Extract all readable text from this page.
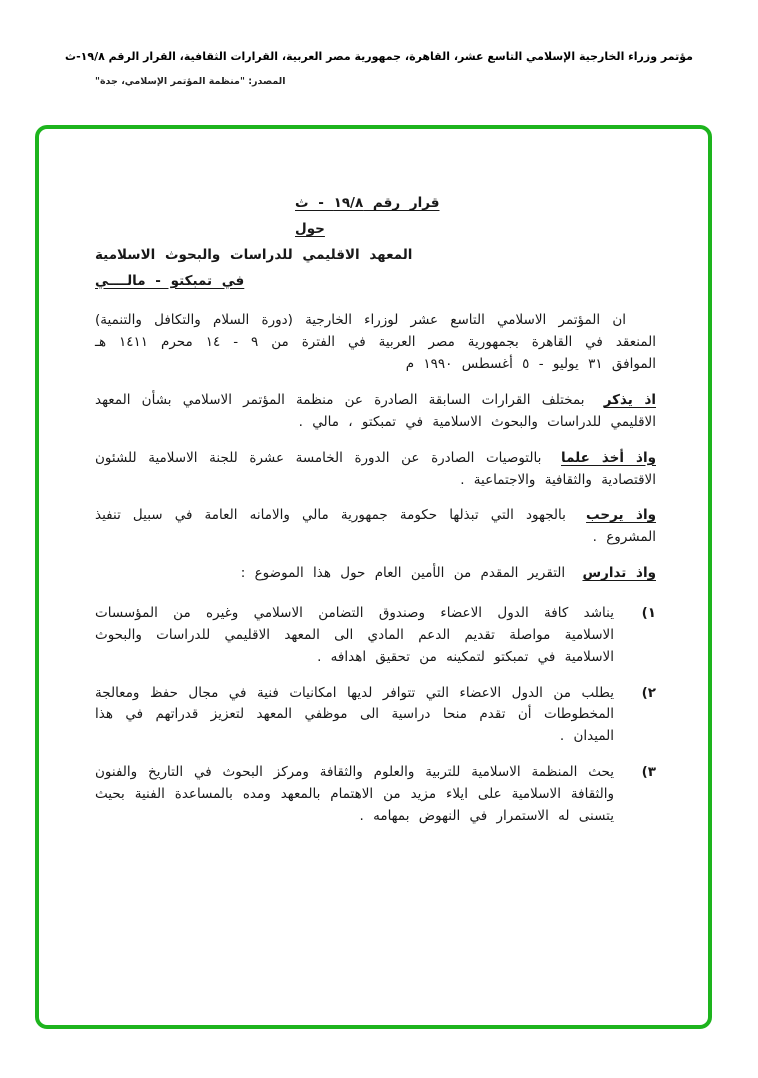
مؤتمر وزراء الخارجية الإسلامي التاسع عشر، القاهرة، جمهورية مصر العربية، القرارات الثقافية، القرار الرقم ١٩/٨-ث
المصدر: "منظمة المؤتمر الإسلامي، جدة"
قرار رقم ١٩/٨ - ث
حول
المعهد الاقليمي للدراسات والبحوث الاسلامية
في تمبكتو - مالــــي

ان المؤتمر الاسلامي التاسع عشر لوزراء الخارجية (دورة السلام والتكافل والتنمية) المنعقد في القاهرة بجمهورية مصر العربية في الفترة من ٩ - ١٤ محرم ١٤١١ هـ الموافق ٣١ يوليو - ٥ أغسطس ١٩٩٠ م

اذ يذكر بمختلف القرارات السابقة الصادرة عن منظمة المؤتمر الاسلامي بشأن المعهد الاقليمي للدراسات والبحوث الاسلامية في تمبكتو ، مالي .

واذ أخذ علما بالتوصيات الصادرة عن الدورة الخامسة عشرة للجنة الاسلامية للشئون الاقتصادية والثقافية والاجتماعية .

واذ يرحب بالجهود التي تبذلها حكومة جمهورية مالي والامانه العامة في سبيل تنفيذ المشروع .

واذ تدارس التقرير المقدم من الأمين العام حول هذا الموضوع :

١)
يناشد كافة الدول الاعضاء وصندوق التضامن الاسلامي وغيره من المؤسسات الاسلامية مواصلة تقديم الدعم المادي الى المعهد الاقليمي للدراسات والبحوث الاسلامية في تمبكتو لتمكينه من تحقيق اهدافه .
٢)
يطلب من الدول الاعضاء التي تتوافر لديها امكانيات فنية في مجال حفظ ومعالجة المخطوطات أن تقدم منحا دراسية الى موظفي المعهد لتعزيز قدراتهم في هذا الميدان .
٣)
يحث المنظمة الاسلامية للتربية والعلوم والثقافة ومركز البحوث في التاريخ والفنون والثقافة الاسلامية على ايلاء مزيد من الاهتمام بالمعهد ومده بالمساعدة الفنية بحيث يتسنى له الاستمرار في النهوض بمهامه .
